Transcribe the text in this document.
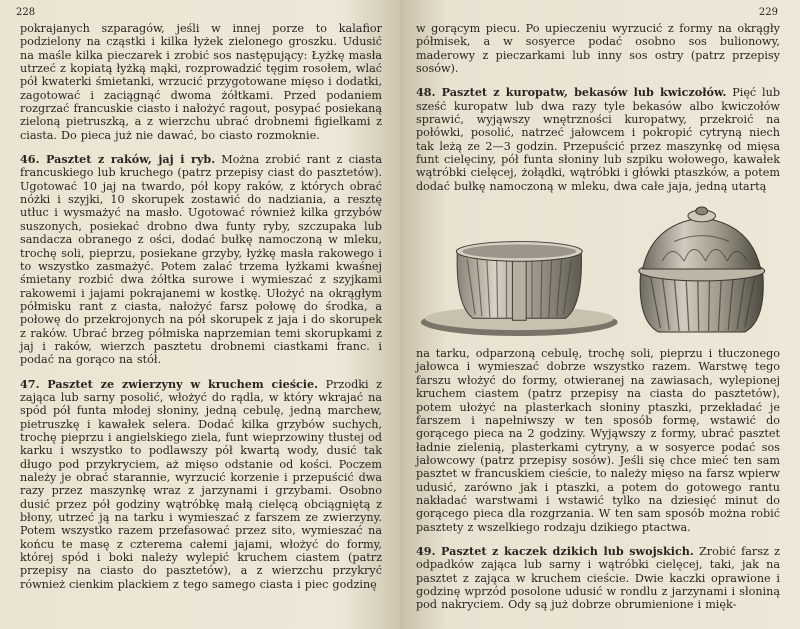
228

pokrajanych szparagów, jeśli w innej porze to kalafior podzielony na cząstki i kilka łyżek zielonego groszku. Udusić na maśle kilka pieczarek i zrobić sos następujący: Łyżkę masła utrzeć z kopiatą łyżką mąki, rozprowadzić tęgim rosołem, wlać pół kwaterki śmietanki, wrzucić przygotowane mięso i dodatki, zagotować i zaciągnąć dwoma żółtkami. Przed podaniem rozgrzać francuskie ciasto i nałożyć ragout, posypać posiekaną zieloną pietruszką, a z wierzchu ubrać drobnemi figielkami z ciasta. Do pieca już nie dawać, bo ciasto rozmoknie.

46. Pasztet z raków, jaj i ryb. Można zrobić rant z ciasta francuskiego lub kruchego (patrz przepisy ciast do pasztetów). Ugotować 10 jaj na twardo, pół kopy raków, z których obrać nóżki i szyjki, 10 skorupek zostawić do nadziania, a resztę utłuc i wysmażyć na masło. Ugotować również kilka grzybów suszonych, posiekać drobno dwa funty ryby, szczupaka lub sandacza obranego z ości, dodać bułkę namoczoną w mleku, trochę soli, pieprzu, posiekane grzyby, łyżkę masła rakowego i to wszystko zasmażyć. Potem zalać trzema łyżkami kwaśnej śmietany rozbić dwa żółtka surowe i wymieszać z szyjkami rakowemi i jajami pokrajanemi w kostkę. Ułożyć na okrągłym półmisku rant z ciasta, nałożyć farsz połowę do środka, a połowę do przekrojonych na pół skorupek z jaja i do skorupek z raków. Ubrać brzeg półmiska naprzemian temi skorupkami z jaj i raków, wierzch pasztetu drobnemi ciastkami franc. i podać na gorąco na stół.

47. Pasztet ze zwierzyny w kruchem cieście. Przodki z zająca lub sarny posolić, włożyć do rądla, w który wkrajać na spód pół funta młodej słoniny, jedną cebulę, jedną marchew, pietruszkę i kawałek selera. Dodać kilka grzybów suchych, trochę pieprzu i angielskiego ziela, funt wieprzowiny tłustej od karku i wszystko to podlawszy pół kwartą wody, dusić tak długo pod przykryciem, aż mięso odstanie od kości. Poczem należy je obrać starannie, wyrzucić korzenie i przepuścić dwa razy przez maszynkę wraz z jarzynami i grzybami. Osobno dusić przez pół godziny wątróbkę małą cielęcą obciągniętą z błony, utrzeć ją na tarku i wymieszać z farszem ze zwierzyny. Potem wszystko razem przefasować przez sito, wymieszać na końcu te masę z czterema całemi jajami, włożyć do formy, której spód i boki należy wylepić kruchem ciastem (patrz przepisy na ciasto do pasztetów), a z wierzchu przykryć również cienkim plackiem z tego samego ciasta i piec godzinę

229

w gorącym piecu. Po upieczeniu wyrzucić z formy na okrągły półmisek, a w sosyerce podać osobno sos bulionowy, maderowy z pieczarkami lub inny sos ostry (patrz przepisy sosów).

48. Pasztet z kuropatw, bekasów lub kwiczołów. Pięć lub sześć kuropatw lub dwa razy tyle bekasów albo kwiczołów sprawić, wyjąwszy wnętrzności kuropatwy, przekroić na połówki, posolić, natrzeć jałowcem i pokropić cytryną niech tak leżą ze 2—3 godzin. Przepuścić przez maszynkę od mięsa funt cielęciny, pół funta słoniny lub szpiku wołowego, kawałek wątróbki cielęcej, żołądki, wątróbki i główki ptaszków, a potem dodać bułkę namoczoną w mleku, dwa całe jaja, jedną utartą

na tarku, odparzoną cebulę, trochę soli, pieprzu i tłuczonego jałowca i wymieszać dobrze wszystko razem. Warstwę tego farszu włożyć do formy, otwieranej na zawiasach, wylepionej kruchem ciastem (patrz przepisy na ciasta do pasztetów), potem ułożyć na plasterkach słoniny ptaszki, przekładać je farszem i napełniwszy w ten sposób formę, wstawić do gorącego pieca na 2 godziny. Wyjąwszy z formy, ubrać pasztet ładnie zielenią, plasterkami cytryny, a w sosyerce podać sos jałowcowy (patrz przepisy sosów). Jeśli się chce mieć ten sam pasztet w francuskiem cieście, to należy mięso na farsz wpierw udusić, zarówno jak i ptaszki, a potem do gotowego rantu nakładać warstwami i wstawić tylko na dziesięć minut do gorącego pieca dla rozgrzania. W ten sam sposób można robić pasztety z wszelkiego rodzaju dzikiego ptactwa.

49. Pasztet z kaczek dzikich lub swojskich. Zrobić farsz z odpadków zająca lub sarny i wątróbki cielęcej, taki, jak na pasztet z zająca w kruchem cieście. Dwie kaczki oprawione i godzinę wprzód posolone udusić w rondlu z jarzynami i słoniną pod nakryciem. Ody są już dobrze obrumienione i mięk-
